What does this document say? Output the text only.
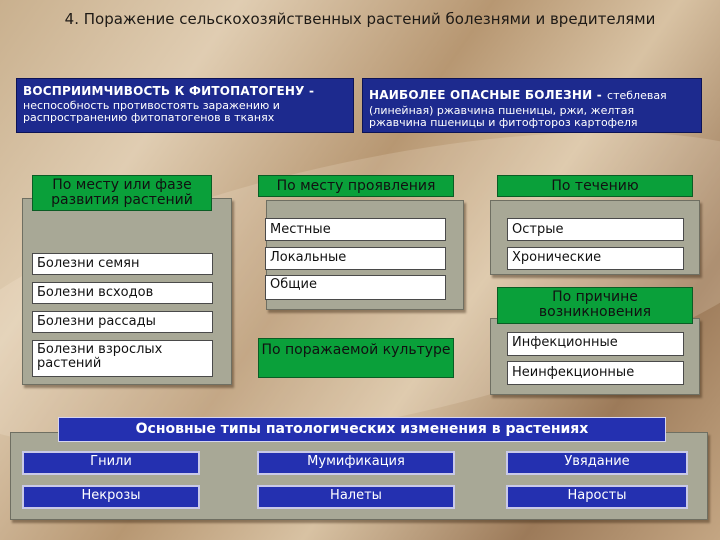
4. Поражение сельскохозяйственных растений болезнями и вредителями
ВОСПРИИМЧИВОСТЬ К ФИТОПАТОГЕНУ -
неспособность противостоять заражению и распространению фитопатогенов в тканях
НАИБОЛЕЕ ОПАСНЫЕ БОЛЕЗНИ - стеблевая
(линейная) ржавчина пшеницы, ржи, желтая ржавчина пшеницы и фитофтороз картофеля
По месту или фазе развития растений
Болезни семян
Болезни всходов
Болезни рассады
Болезни взрослых растений
По месту проявления
Местные
Локальные
Общие
По поражаемой культуре
По течению
Острые
Хронические
По причине возникновения
Инфекционные
Неинфекционные
Основные типы патологических изменения в растениях
Гнили	Мумификация	Увядание
Некрозы	Налеты	Наросты
